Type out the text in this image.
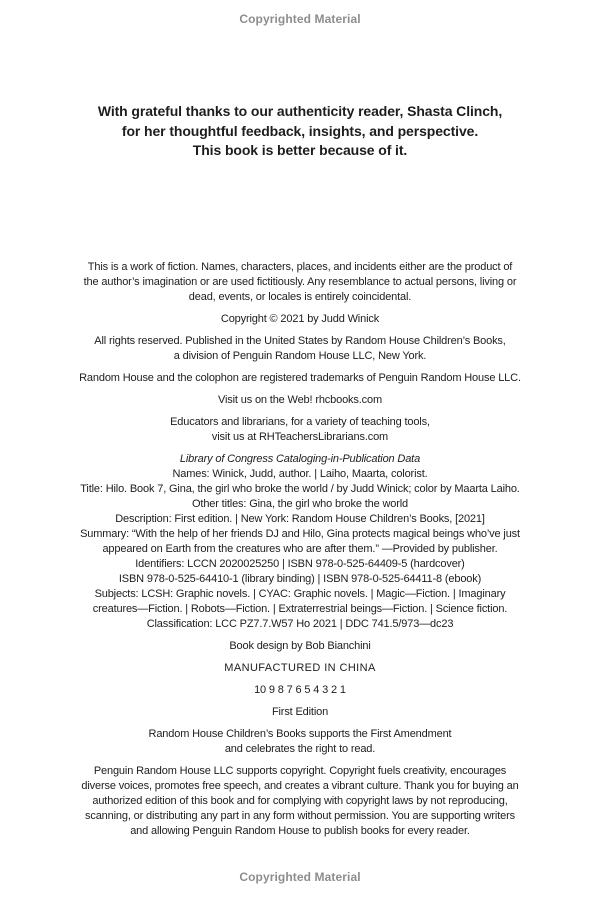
Copyrighted Material
With grateful thanks to our authenticity reader, Shasta Clinch,
for her thoughtful feedback, insights, and perspective.
This book is better because of it.
This is a work of fiction. Names, characters, places, and incidents either are the product of
the author’s imagination or are used fictitiously. Any resemblance to actual persons, living or
dead, events, or locales is entirely coincidental.
Copyright © 2021 by Judd Winick
All rights reserved. Published in the United States by Random House Children’s Books,
a division of Penguin Random House LLC, New York.
Random House and the colophon are registered trademarks of Penguin Random House LLC.
Visit us on the Web! rhcbooks.com
Educators and librarians, for a variety of teaching tools,
visit us at RHTeachersLibrarians.com
Library of Congress Cataloging-in-Publication Data
Names: Winick, Judd, author. | Laiho, Maarta, colorist.
Title: Hilo. Book 7, Gina, the girl who broke the world / by Judd Winick; color by Maarta Laiho.
Other titles: Gina, the girl who broke the world
Description: First edition. | New York: Random House Children’s Books, [2021]
Summary: “With the help of her friends DJ and Hilo, Gina protects magical beings who’ve just
appeared on Earth from the creatures who are after them.” —Provided by publisher.
Identifiers: LCCN 2020025250 | ISBN 978-0-525-64409-5 (hardcover)
ISBN 978-0-525-64410-1 (library binding) | ISBN 978-0-525-64411-8 (ebook)
Subjects: LCSH: Graphic novels. | CYAC: Graphic novels. | Magic—Fiction. | Imaginary
creatures—Fiction. | Robots—Fiction. | Extraterrestrial beings—Fiction. | Science fiction.
Classification: LCC PZ7.7.W57 Ho 2021 | DDC 741.5/973—dc23
Book design by Bob Bianchini
MANUFACTURED IN CHINA
10 9 8 7 6 5 4 3 2 1
First Edition
Random House Children’s Books supports the First Amendment
and celebrates the right to read.
Penguin Random House LLC supports copyright. Copyright fuels creativity, encourages
diverse voices, promotes free speech, and creates a vibrant culture. Thank you for buying an
authorized edition of this book and for complying with copyright laws by not reproducing,
scanning, or distributing any part in any form without permission. You are supporting writers
and allowing Penguin Random House to publish books for every reader.
Copyrighted Material
